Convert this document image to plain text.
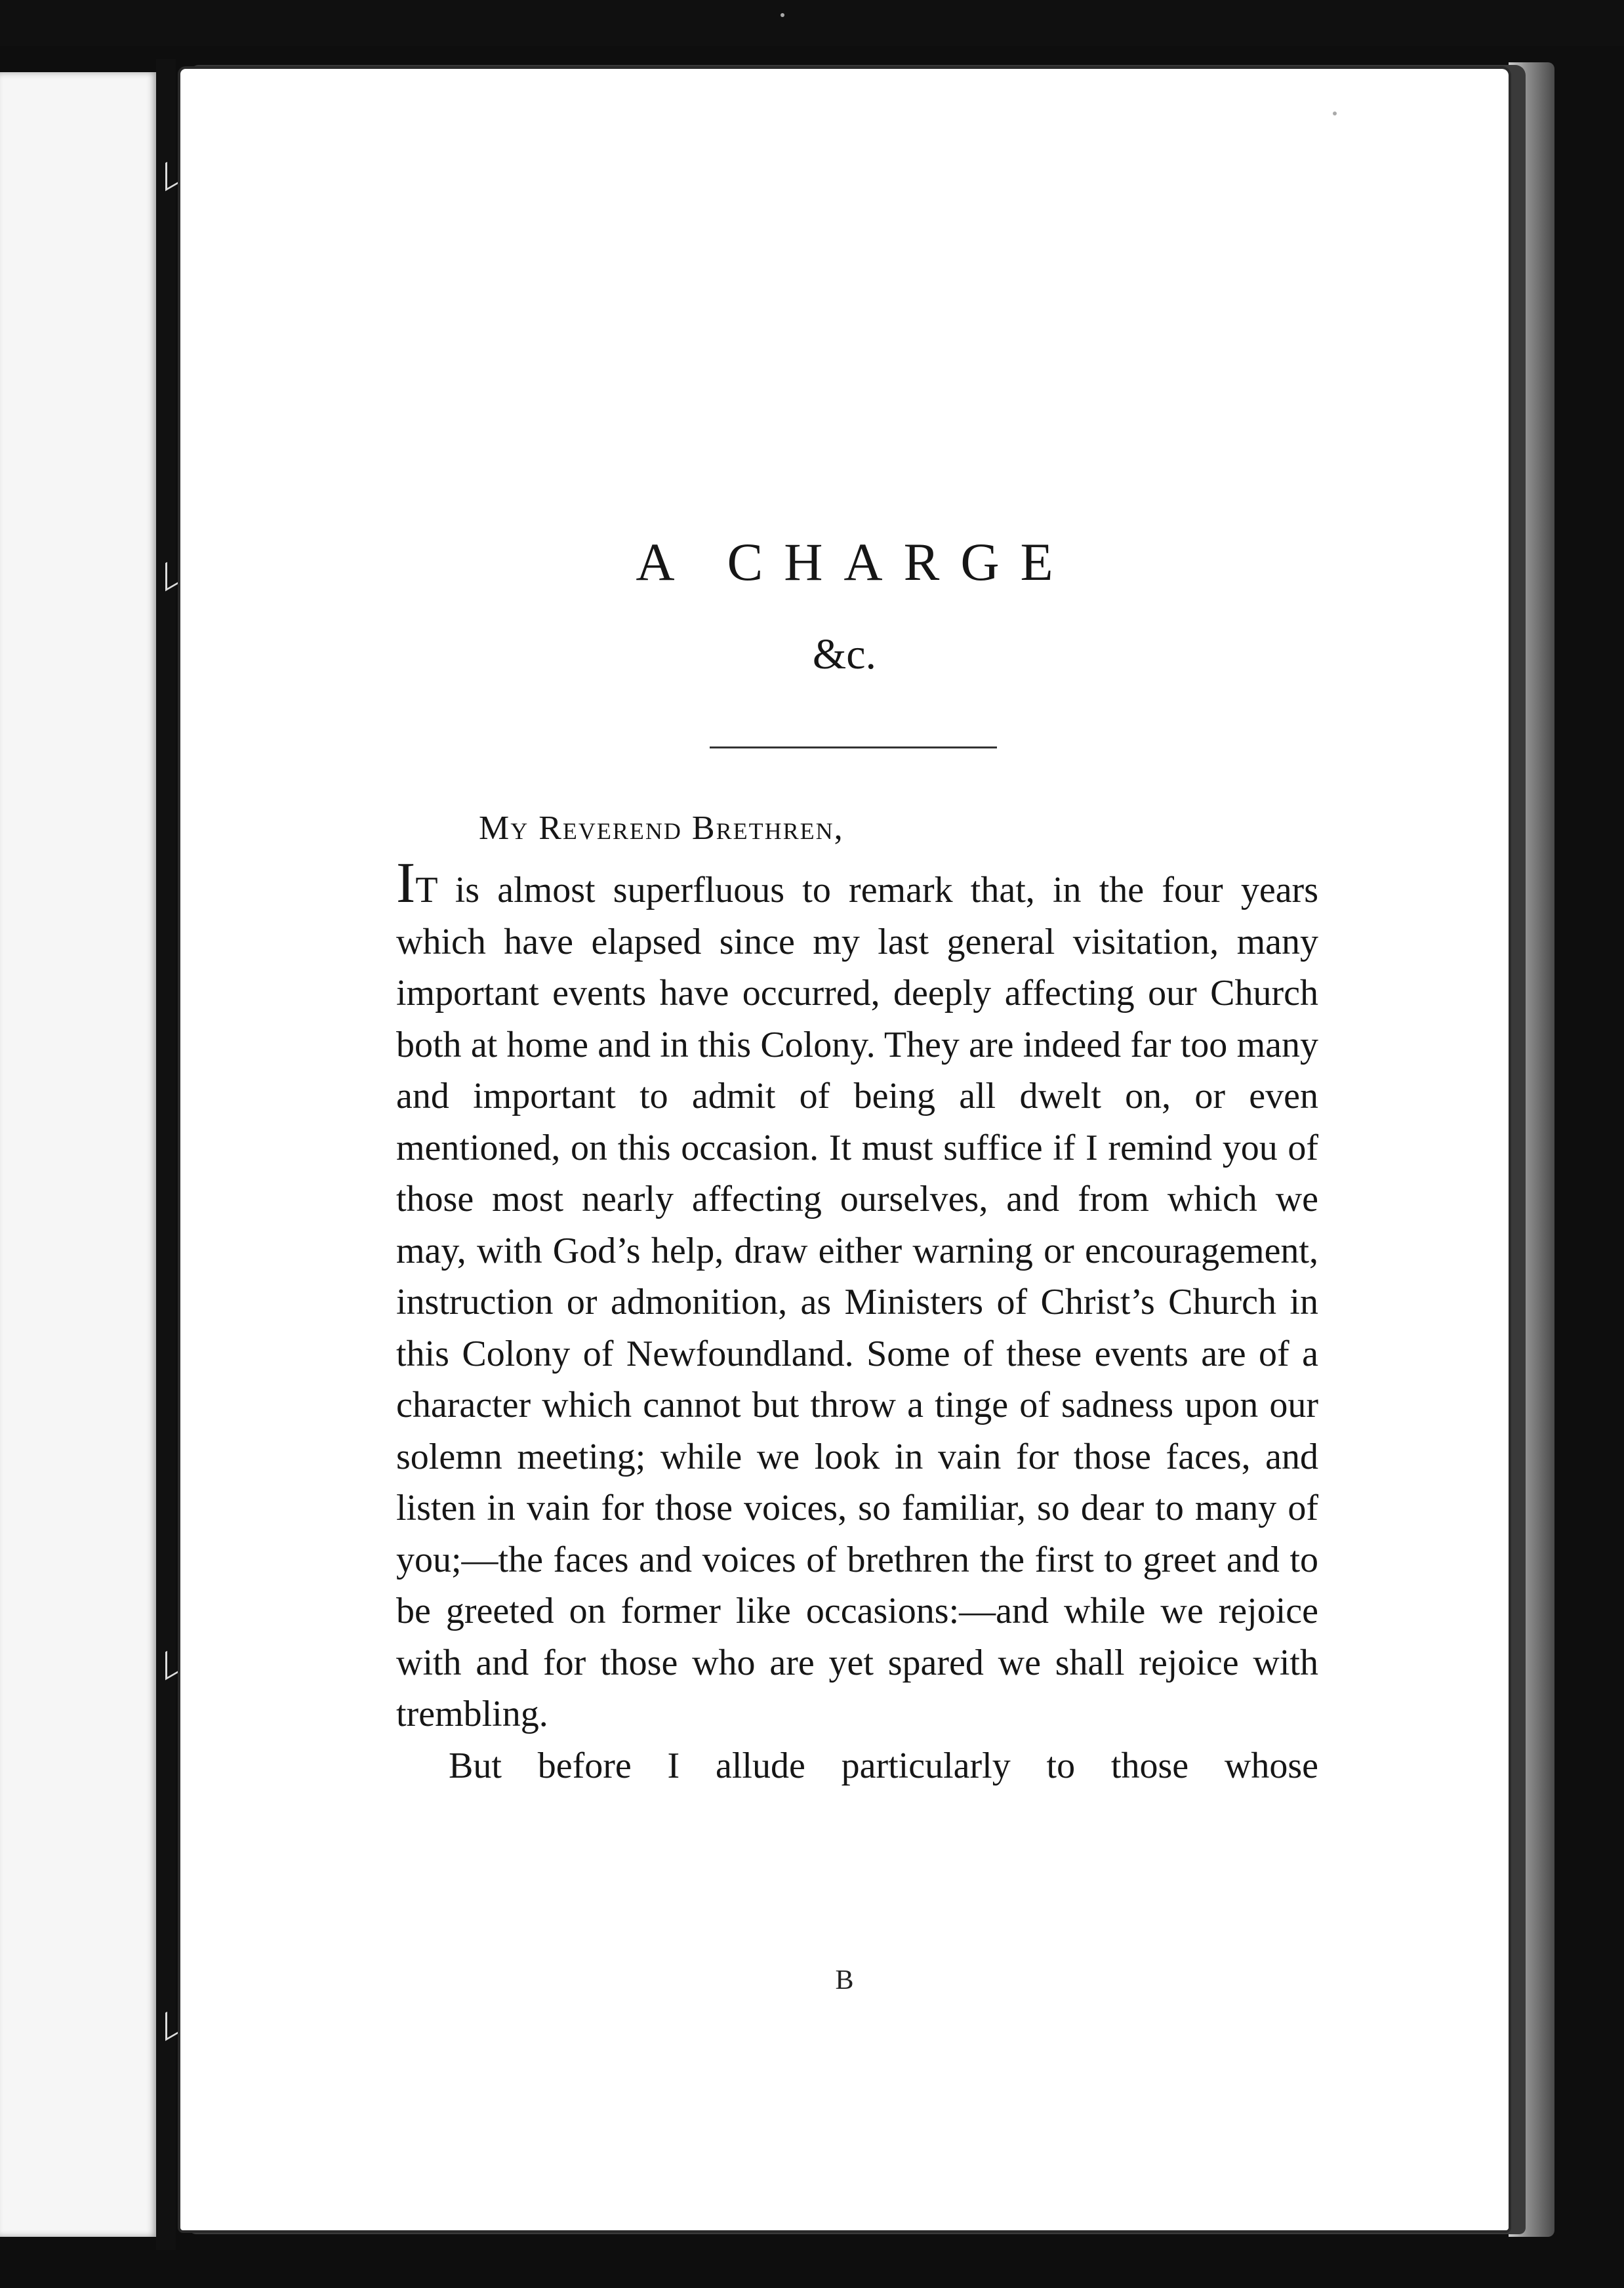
A CHARGE
&c.
My Reverend Brethren,

IT is almost superfluous to remark that, in the four years which have elapsed since my last general visitation, many important events have occurred, deeply affecting our Church both at home and in this Colony. They are indeed far too many and important to admit of being all dwelt on, or even mentioned, on this occasion. It must suffice if I remind you of those most nearly affecting ourselves, and from which we may, with God’s help, draw either warning or encouragement, instruction or admonition, as Ministers of Christ’s Church in this Colony of Newfoundland. Some of these events are of a character which cannot but throw a tinge of sadness upon our solemn meeting; while we look in vain for those faces, and listen in vain for those voices, so familiar, so dear to many of you;—the faces and voices of brethren the first to greet and to be greeted on former like occasions:—and while we rejoice with and for those who are yet spared we shall rejoice with trembling.

But before I allude particularly to those whose

B
